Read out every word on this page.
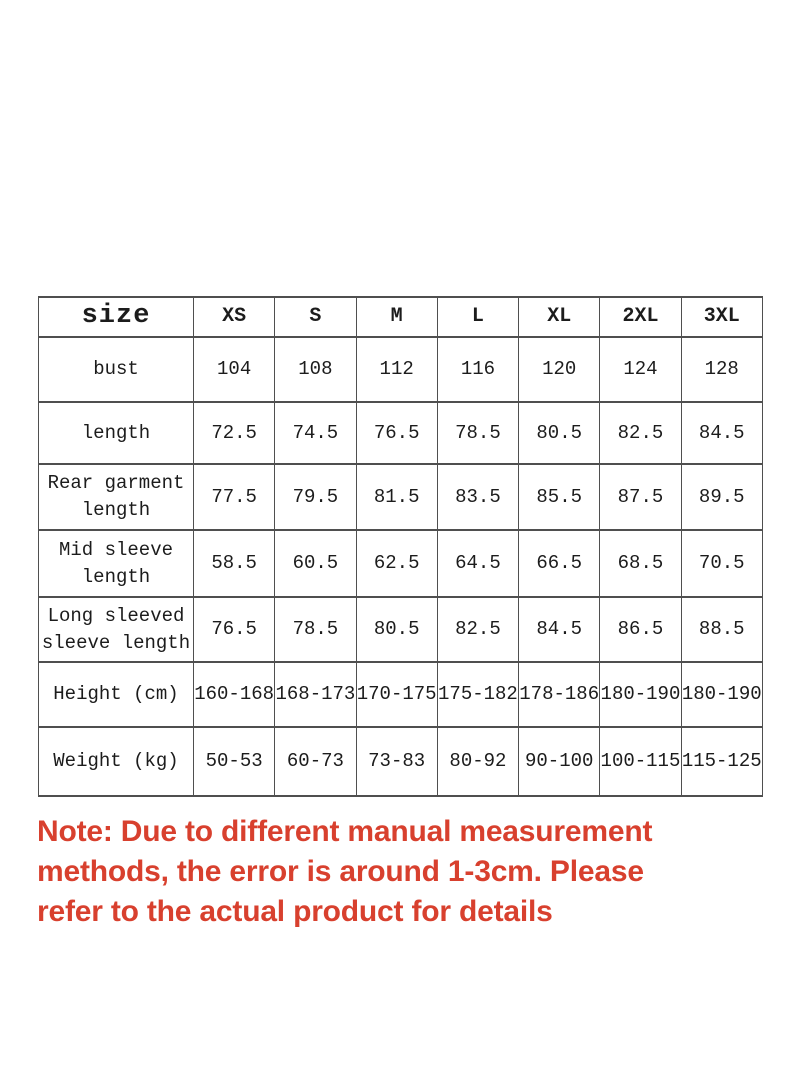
size	XS	S	M	L	XL	2XL	3XL
bust	104	108	112	116	120	124	128
length	72.5	74.5	76.5	78.5	80.5	82.5	84.5
Rear garment length	77.5	79.5	81.5	83.5	85.5	87.5	89.5
Mid sleeve length	58.5	60.5	62.5	64.5	66.5	68.5	70.5
Long sleeved sleeve length	76.5	78.5	80.5	82.5	84.5	86.5	88.5
Height (cm)	160-168	168-173	170-175	175-182	178-186	180-190	180-190
Weight (kg)	50-53	60-73	73-83	80-92	90-100	100-115	115-125
Note: Due to different manual measurement
methods, the error is around 1-3cm. Please
refer to the actual product for details
